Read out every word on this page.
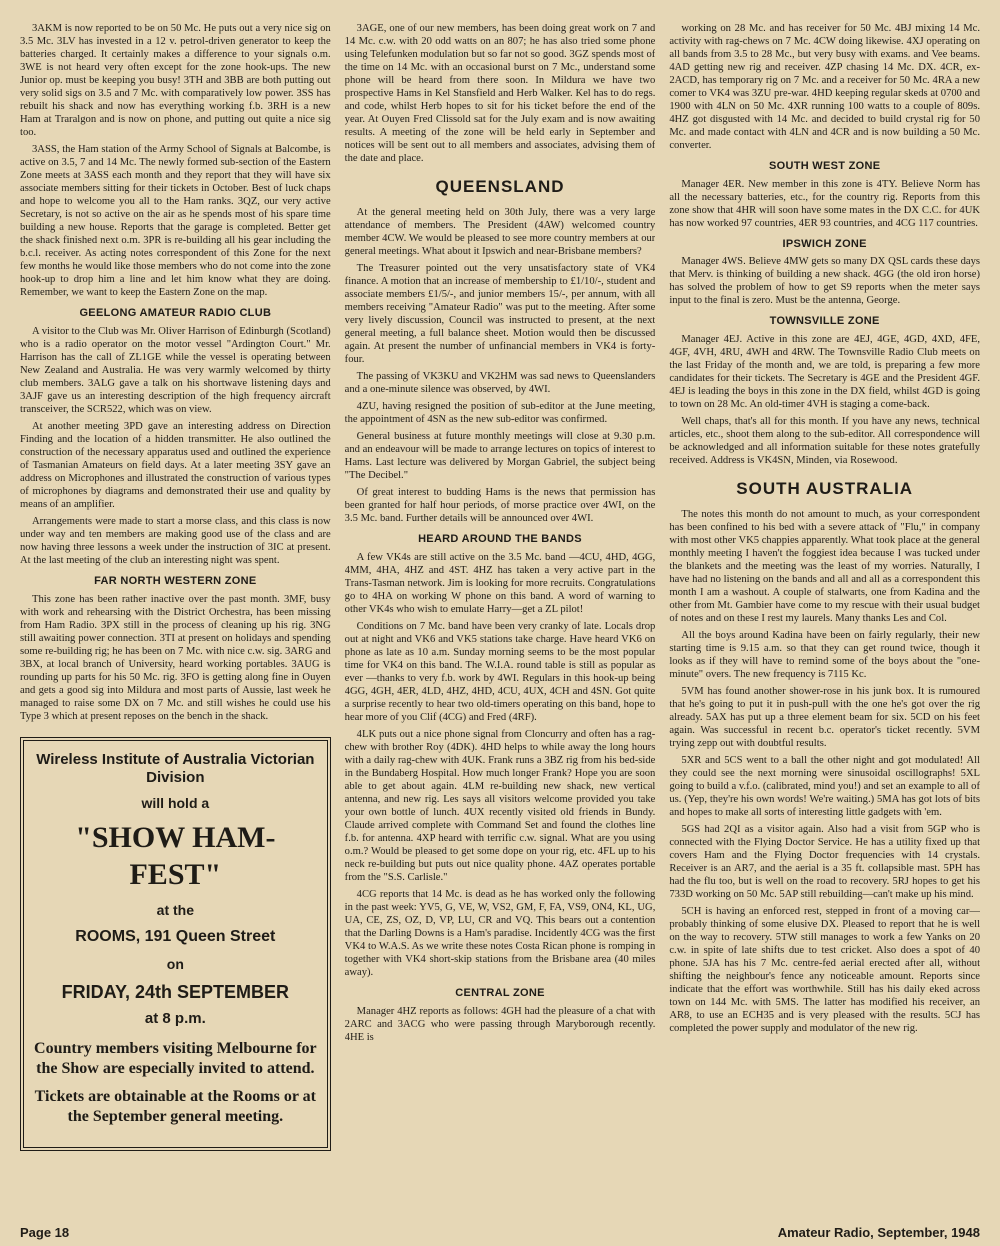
3AKM is now reported to be on 50 Mc. He puts out a very nice sig on 3.5 Mc. 3LV has invested in a 12 v. petrol-driven generator to keep the batteries charged. It certainly makes a difference to your signals o.m. 3WE is not heard very often except for the zone hook-ups. The new Junior op. must be keeping you busy! 3TH and 3BB are both putting out very solid sigs on 3.5 and 7 Mc. with comparatively low power. 3SS has rebuilt his shack and now has everything working f.b. 3RH is a new Ham at Traralgon and is now on phone, and putting out quite a nice sig too.

3ASS, the Ham station of the Army School of Signals at Balcombe, is active on 3.5, 7 and 14 Mc. The newly formed sub-section of the Eastern Zone meets at 3ASS each month and they report that they will have six associate members sitting for their tickets in October. Best of luck chaps and hope to welcome you all to the Ham ranks. 3QZ, our very active Secretary, is not so active on the air as he spends most of his spare time building a new house. Reports that the garage is completed. Better get the shack finished next o.m. 3PR is re-building all his gear including the b.c.l. receiver. As acting notes correspondent of this Zone for the next few months he would like those members who do not come into the zone hook-up to drop him a line and let him know what they are doing. Remember, we want to keep the Eastern Zone on the map.

GEELONG AMATEUR RADIO CLUB

A visitor to the Club was Mr. Oliver Harrison of Edinburgh (Scotland) who is a radio operator on the motor vessel "Ardington Court." Mr. Harrison has the call of ZL1GE while the vessel is operating between New Zealand and Australia. He was very warmly welcomed by thirty club members. 3ALG gave a talk on his shortwave listening days and 3AJF gave us an interesting description of the high frequency aircraft transceiver, the SCR522, which was on view.

At another meeting 3PD gave an interesting address on Direction Finding and the location of a hidden transmitter. He also outlined the construction of the necessary apparatus used and outlined the experience of Tasmanian Amateurs on field days. At a later meeting 3SY gave an address on Microphones and illustrated the construction of various types of microphones by diagrams and demonstrated their use and quality by means of an amplifier.

Arrangements were made to start a morse class, and this class is now under way and ten members are making good use of the class and are now having three lessons a week under the instruction of 3IC at present. At the last meeting of the club an interesting night was spent.

FAR NORTH WESTERN ZONE

This zone has been rather inactive over the past month. 3MF, busy with work and rehearsing with the District Orchestra, has been missing from Ham Radio. 3PX still in the process of cleaning up his rig. 3NG still awaiting power connection. 3TI at present on holidays and spending some re-building rig; he has been on 7 Mc. with nice c.w. sig. 3ARG and 3BX, at local branch of University, heard working portables. 3AUG is rounding up parts for his 50 Mc. rig. 3FO is getting along fine in Ouyen and gets a good sig into Mildura and most parts of Aussie, last week he managed to raise some DX on 7 Mc. and still wishes he could use his Type 3 which at present reposes on the bench in the shack.

Wireless Institute of Australia Victorian Division
will hold a
"SHOW HAM-FEST"
at the
ROOMS, 191 Queen Street
on
FRIDAY, 24th SEPTEMBER
at 8 p.m.
Country members visiting Melbourne for the Show are especially invited to attend.
Tickets are obtainable at the Rooms or at the September general meeting.

3AGE, one of our new members, has been doing great work on 7 and 14 Mc. c.w. with 20 odd watts on an 807; he has also tried some phone using Telefunken modulation but so far not so good. 3GZ spends most of the time on 14 Mc. with an occasional burst on 7 Mc., understand some phone will be heard from there soon. In Mildura we have two prospective Hams in Kel Stansfield and Herb Walker. Kel has to do regs. and code, whilst Herb hopes to sit for his ticket before the end of the year. At Ouyen Fred Clissold sat for the July exam and is now awaiting results. A meeting of the zone will be held early in September and notices will be sent out to all members and associates, advising them of the date and place.

QUEENSLAND

At the general meeting held on 30th July, there was a very large attendance of members. The President (4AW) welcomed country member 4CW. We would be pleased to see more country members at our general meetings. What about it Ipswich and near-Brisbane members?

The Treasurer pointed out the very unsatisfactory state of VK4 finance. A motion that an increase of membership to £1/10/-, student and associate members £1/5/-, and junior members 15/-, per annum, with all members receiving "Amateur Radio" was put to the meeting. After some very lively discussion, Council was instructed to present, at the next general meeting, a full balance sheet. Motion would then be discussed again. At present the number of unfinancial members in VK4 is forty-four.

The passing of VK3KU and VK2HM was sad news to Queenslanders and a one-minute silence was observed, by 4WI.

4ZU, having resigned the position of sub-editor at the June meeting, the appointment of 4SN as the new sub-editor was confirmed.

General business at future monthly meetings will close at 9.30 p.m. and an endeavour will be made to arrange lectures on topics of interest to Hams. Last lecture was delivered by Morgan Gabriel, the subject being "The Decibel."

Of great interest to budding Hams is the news that permission has been granted for half hour periods, of morse practice over 4WI, on the 3.5 Mc. band. Further details will be announced over 4WI.

HEARD AROUND THE BANDS

A few VK4s are still active on the 3.5 Mc. band —4CU, 4HD, 4GG, 4MM, 4HA, 4HZ and 4ST. 4HZ has taken a very active part in the Trans-Tasman network. Jim is looking for more recruits. Congratulations go to 4HA on working W phone on this band. A word of warning to other VK4s who wish to emulate Harry—get a ZL pilot!

Conditions on 7 Mc. band have been very cranky of late. Locals drop out at night and VK6 and VK5 stations take charge. Have heard VK6 on phone as late as 10 a.m. Sunday morning seems to be the most popular time for VK4 on this band. The W.I.A. round table is still as popular as ever —thanks to very f.b. work by 4WI. Regulars in this hook-up being 4GG, 4GH, 4ER, 4LD, 4HZ, 4HD, 4CU, 4UX, 4CH and 4SN. Got quite a surprise recently to hear two old-timers operating on this band, hope to hear more of you Clif (4CG) and Fred (4RF).

4LK puts out a nice phone signal from Cloncurry and often has a rag-chew with brother Roy (4DK). 4HD helps to while away the long hours with a daily rag-chew with 4UK. Frank runs a 3BZ rig from his bed-side in the Bundaberg Hospital. How much longer Frank? Hope you are soon able to get about again. 4LM re-building new shack, new vertical antenna, and new rig. Les says all visitors welcome provided you take your own bottle of lunch. 4UX recently visited old friends in Bundy. Claude arrived complete with Command Set and found the clothes line f.b. for antenna. 4XP heard with terrific c.w. signal. What are you using o.m.? Would be pleased to get some dope on your rig, etc. 4FL up to his neck re-building but puts out nice quality phone. 4AZ operates portable from the "S.S. Carlisle."

4CG reports that 14 Mc. is dead as he has worked only the following in the past week: YV5, G, VE, W, VS2, GM, F, FA, VS9, ON4, KL, UG, UA, CE, ZS, OZ, D, VP, LU, CR and VQ. This bears out a contention that the Darling Downs is a Ham's paradise. Incidently 4CG was the first VK4 to W.A.S. As we write these notes Costa Rican phone is romping in together with VK4 short-skip stations from the Brisbane area (40 miles away).

CENTRAL ZONE

Manager 4HZ reports as follows: 4GH had the pleasure of a chat with 2ARC and 3ACG who were passing through Maryborough recently. 4HE is

working on 28 Mc. and has receiver for 50 Mc. 4BJ mixing 14 Mc. activity with rag-chews on 7 Mc. 4CW doing likewise. 4XJ operating on all bands from 3.5 to 28 Mc., but very busy with exams. and Vee beams. 4AD getting new rig and receiver. 4ZP chasing 14 Mc. DX. 4CR, ex-2ACD, has temporary rig on 7 Mc. and a receiver for 50 Mc. 4RA a new comer to VK4 was 3ZU pre-war. 4HD keeping regular skeds at 0700 and 1900 with 4LN on 50 Mc. 4XR running 100 watts to a couple of 809s. 4HZ got disgusted with 14 Mc. and decided to build crystal rig for 50 Mc. and made contact with 4LN and 4CR and is now building a 50 Mc. converter.

SOUTH WEST ZONE

Manager 4ER. New member in this zone is 4TY. Believe Norm has all the necessary batteries, etc., for the country rig. Reports from this zone show that 4HR will soon have some mates in the DX C.C. for 4UK has now worked 97 countries, 4ER 93 countries, and 4CG 117 countries.

IPSWICH ZONE

Manager 4WS. Believe 4MW gets so many DX QSL cards these days that Merv. is thinking of building a new shack. 4GG (the old iron horse) has solved the problem of how to get S9 reports when the meter says input to the final is zero. Must be the antenna, George.

TOWNSVILLE ZONE

Manager 4EJ. Active in this zone are 4EJ, 4GE, 4GD, 4XD, 4FE, 4GF, 4VH, 4RU, 4WH and 4RW. The Townsville Radio Club meets on the last Friday of the month and, we are told, is preparing a few more candidates for their tickets. The Secretary is 4GE and the President 4GF. 4EJ is leading the boys in this zone in the DX field, whilst 4GD is going to town on 28 Mc. An old-timer 4VH is staging a come-back.

Well chaps, that's all for this month. If you have any news, technical articles, etc., shoot them along to the sub-editor. All correspondence will be acknowledged and all information suitable for these notes gratefully received. Address is VK4SN, Minden, via Rosewood.

SOUTH AUSTRALIA

The notes this month do not amount to much, as your correspondent has been confined to his bed with a severe attack of "Flu," in company with most other VK5 chappies apparently. What took place at the general monthly meeting I haven't the foggiest idea because I was tucked under the blankets and the meeting was the least of my worries. Naturally, I have had no listening on the bands and all and all as a correspondent this month I am a washout. A couple of stalwarts, one from Kadina and the other from Mt. Gambier have come to my rescue with their usual budget of notes and on these I rest my laurels. Many thanks Les and Col.

All the boys around Kadina have been on fairly regularly, their new starting time is 9.15 a.m. so that they can get round twice, though it looks as if they will have to remind some of the boys about the "one-minute" overs. The new frequency is 7115 Kc.

5VM has found another shower-rose in his junk box. It is rumoured that he's going to put it in push-pull with the one he's got over the rig already. 5AX has put up a three element beam for six. 5CD on his feet again. Was successful in recent b.c. operator's ticket recently. 5VM trying zepp out with doubtful results.

5XR and 5CS went to a ball the other night and got modulated! All they could see the next morning were sinusoidal oscillographs! 5XL going to build a v.f.o. (calibrated, mind you!) and set an example to all of us. (Yep, they're his own words! We're waiting.) 5MA has got lots of bits and hopes to make all sorts of interesting little gadgets with 'em.

5GS had 2QI as a visitor again. Also had a visit from 5GP who is connected with the Flying Doctor Service. He has a utility fixed up that covers Ham and the Flying Doctor frequencies with 14 crystals. Receiver is an AR7, and the aerial is a 35 ft. collapsible mast. 5PH has had the flu too, but is well on the road to recovery. 5RJ hopes to get his 733D working on 50 Mc. 5AP still rebuilding—can't make up his mind.

5CH is having an enforced rest, stepped in front of a moving car—probably thinking of some elusive DX. Pleased to report that he is well on the way to recovery. 5TW still manages to work a few Yanks on 20 c.w. in spite of late shifts due to test cricket. Also does a spot of 40 phone. 5JA has his 7 Mc. centre-fed aerial erected after all, without shifting the neighbour's fence any noticeable amount. Reports since indicate that the effort was worthwhile. Still has his daily eked across town on 144 Mc. with 5MS. The latter has modified his receiver, an AR8, to use an ECH35 and is very pleased with the results. 5CJ has completed the power supply and modulator of the new rig.

Page 18	Amateur Radio, September, 1948
